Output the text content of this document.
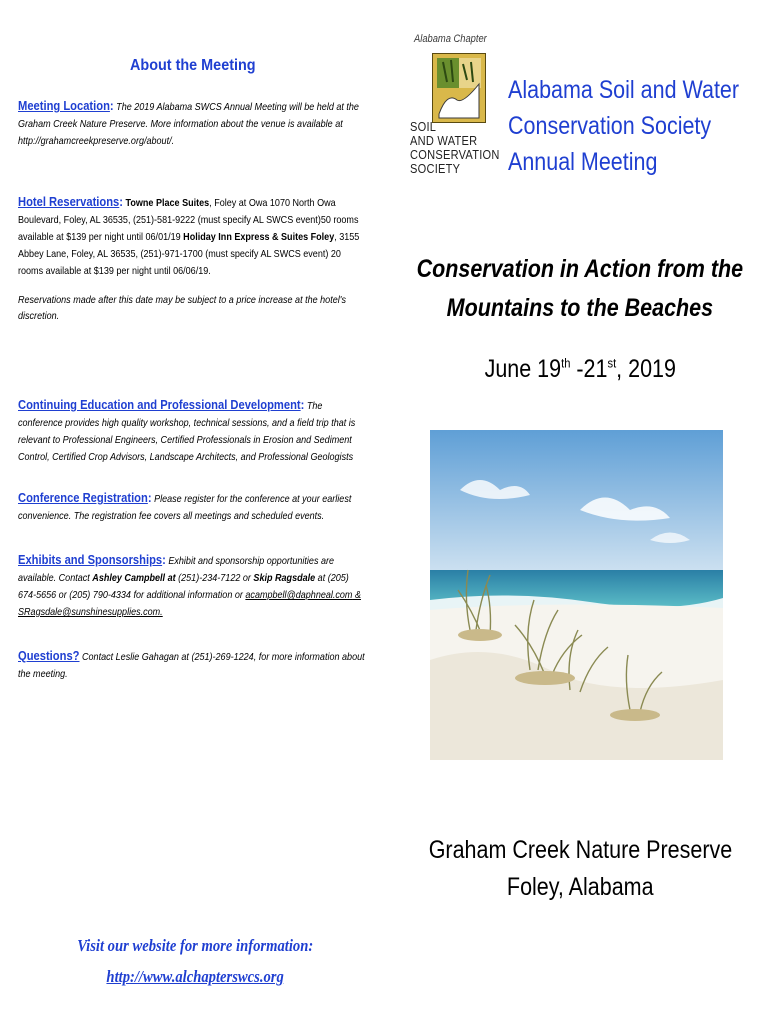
About the Meeting
Meeting Location: The 2019 Alabama SWCS Annual Meeting will be held at the Graham Creek Nature Preserve. More information about the venue is available at http://grahamcreekpreserve.org/about/.
Hotel Reservations: Towne Place Suites, Foley at Owa 1070 North Owa Boulevard, Foley, AL 36535, (251)-581-9222 (must specify AL SWCS event)50 rooms available at $139 per night until 06/01/19 Holiday Inn Express & Suites Foley, 3155 Abbey Lane, Foley, AL 36535, (251)-971-1700 (must specify AL SWCS event) 20 rooms available at $139 per night until 06/06/19.
Reservations made after this date may be subject to a price increase at the hotel's discretion.
Continuing Education and Professional Development: The conference provides high quality workshop, technical sessions, and a field trip that is relevant to Professional Engineers, Certified Professionals in Erosion and Sediment Control, Certified Crop Advisors, Landscape Architects, and Professional Geologists
Conference Registration: Please register for the conference at your earliest convenience. The registration fee covers all meetings and scheduled events.
Exhibits and Sponsorships: Exhibit and sponsorship opportunities are available. Contact Ashley Campbell at (251)-234-7122 or Skip Ragsdale at (205) 674-5656 or (205) 790-4334 for additional information or acampbell@daphneal.com & SRagsdale@sunshinesupplies.com.
Questions? Contact Leslie Gahagan at (251)-269-1224, for more information about the meeting.
Visit our website for more information:
http://www.alchapterswcs.org
Alabama Chapter
SOIL
AND WATER
CONSERVATION
SOCIETY
Alabama Soil and Water
Conservation Society
Annual Meeting
Conservation in Action from the
Mountains to the Beaches
June 19th -21st, 2019
Graham Creek Nature Preserve
Foley, Alabama
